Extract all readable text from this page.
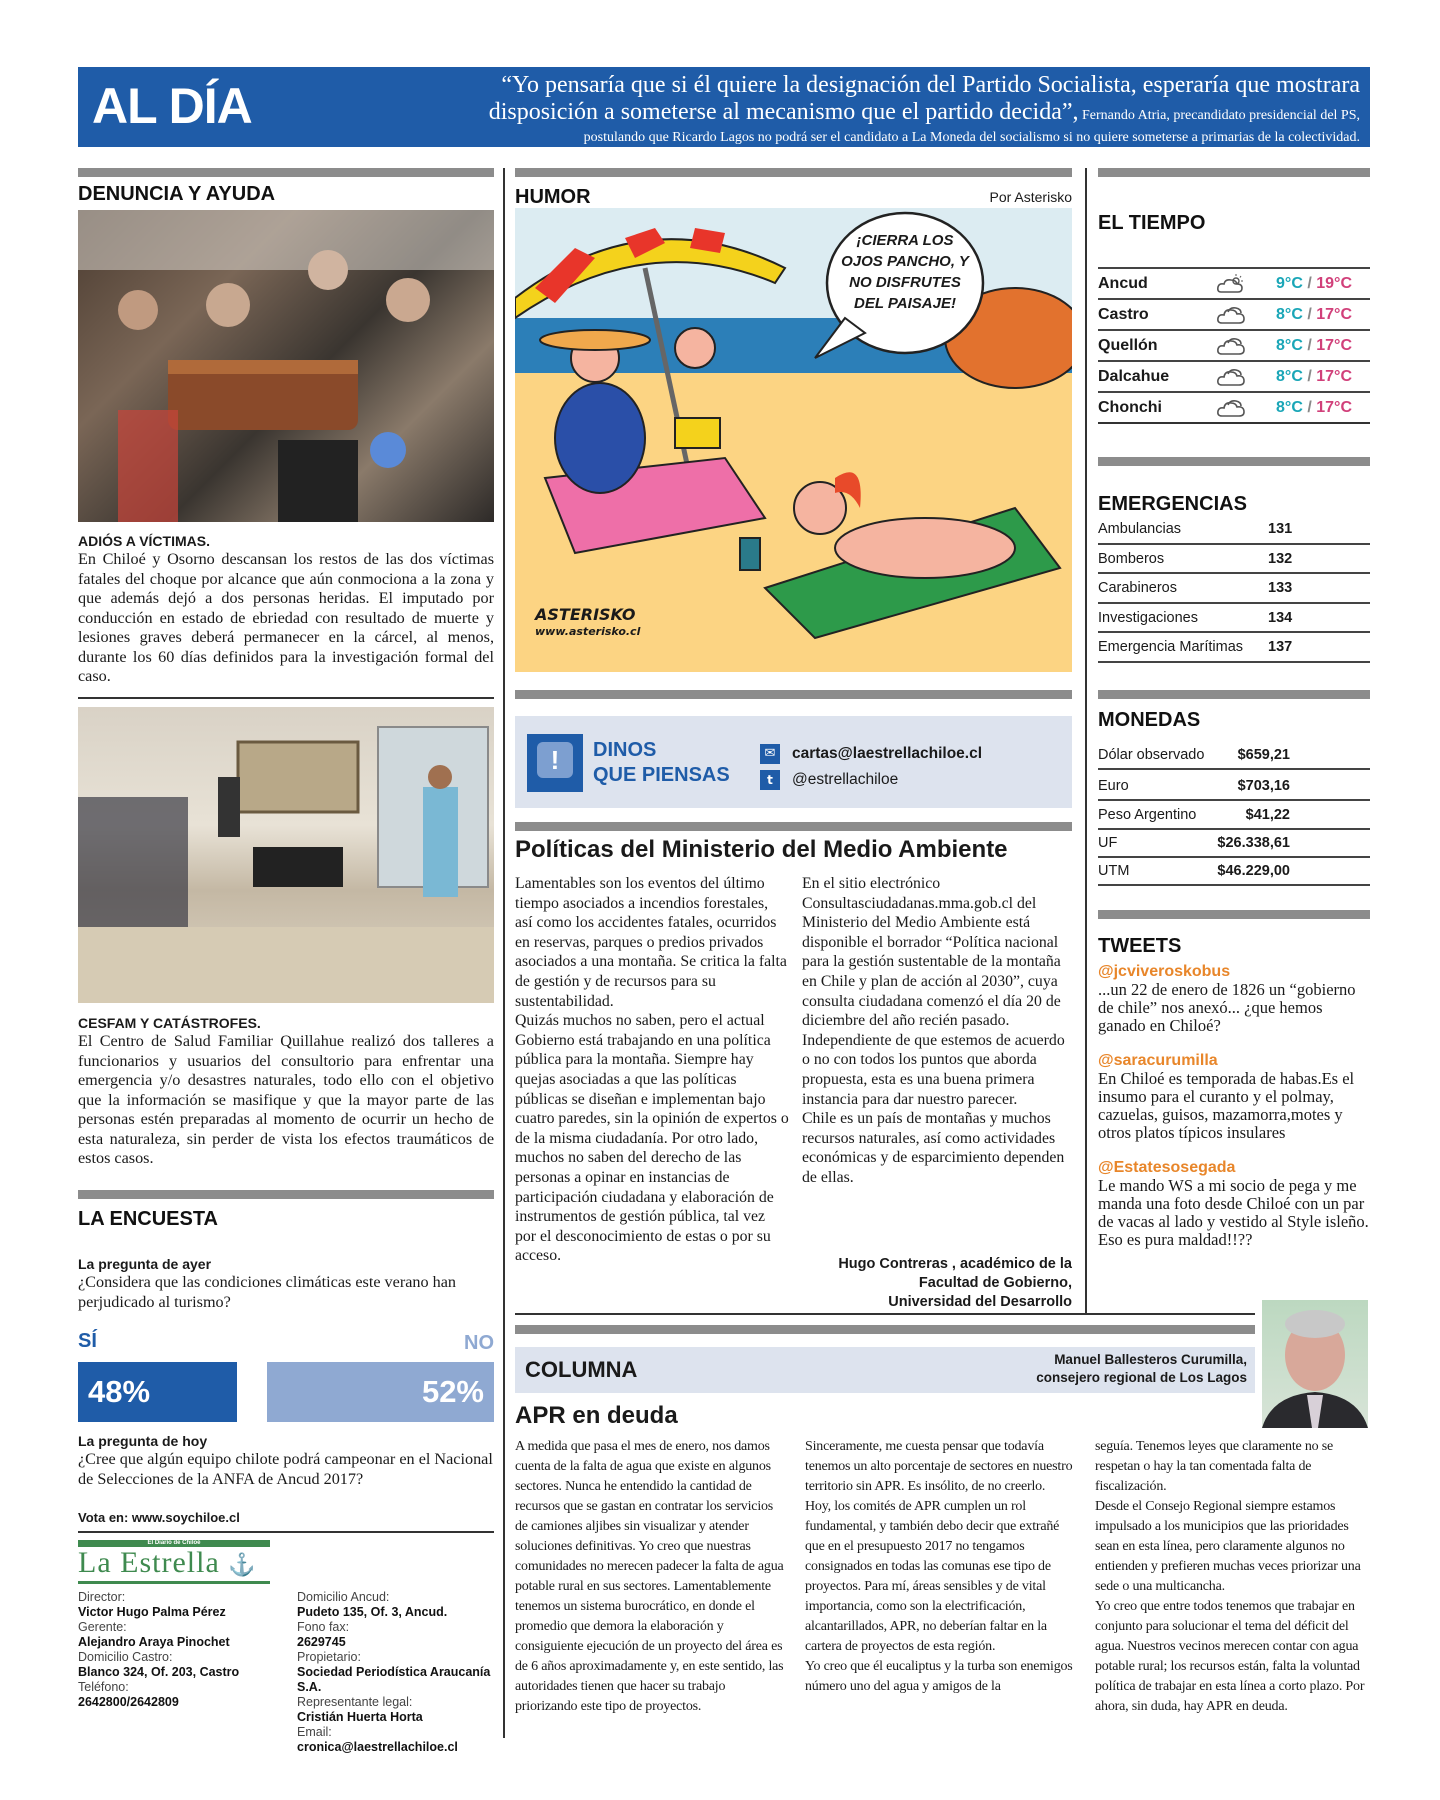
AL DÍA	“Yo pensaría que si él quiere la designación del Partido Socialista, esperaría que mostrara
disposición a someterse al mecanismo que el partido decida”, Fernando Atria, precandidato presidencial del PS,
postulando que Ricardo Lagos no podrá ser el candidato a La Moneda del socialismo si no quiere someterse a primarias de la colectividad.
DENUNCIA Y AYUDA
ADIÓS A VÍCTIMAS.
En Chiloé y Osorno descansan los restos de las dos víctimas fatales del choque por alcance que aún conmociona a la zona y que además dejó a dos personas heridas. El imputado por conducción en estado de ebriedad con resultado de muerte y lesiones graves deberá permanecer en la cárcel, al menos, durante los 60 días definidos para la investigación formal del caso.
CESFAM Y CATÁSTROFES.
El Centro de Salud Familiar Quillahue realizó dos talleres a funcionarios y usuarios del consultorio para enfrentar una emergencia y/o desastres naturales, todo ello con el objetivo que la información se masifique y que la mayor parte de las personas estén preparadas al momento de ocurrir un hecho de esta naturaleza, sin perder de vista los efectos traumáticos de estos casos.
LA ENCUESTA
La pregunta de ayer
¿Considera que las condiciones climáticas este verano han perjudicado al turismo?
SÍ	NO
48%	52%
La pregunta de hoy
¿Cree que algún equipo chilote podrá campeonar en el Nacional de Selecciones de la ANFA de Ancud 2017?
Vota en: www.soychiloe.cl
El Diario de Chiloé
La Estrella ⚓
Director:
Victor Hugo Palma Pérez
Gerente:
Alejandro Araya Pinochet
Domicilio Castro:
Blanco 324, Of. 203, Castro
Teléfono:
2642800/2642809
Domicilio Ancud:
Pudeto 135, Of. 3, Ancud.
Fono fax:
2629745
Propietario:
Sociedad Periodística Araucanía S.A.
Representante legal:
Cristián Huerta Horta
Email:
cronica@laestrellachiloe.cl
HUMOR	Por Asterisko
¡CIERRA LOS OJOS PANCHO, Y NO DISFRUTES DEL PAISAJE!
ASTERISKO
www.asterisko.cl
!	DINOS
QUE PIENSAS
✉ cartas@laestrellachiloe.cl
t	@estrellachiloe
Políticas del Ministerio del Medio Ambiente
Lamentables son los eventos del último tiempo asociados a incendios forestales, así como los accidentes fatales, ocurridos en reservas, parques o predios privados asociados a una montaña. Se critica la falta de gestión y de recursos para su sustentabilidad.
Quizás muchos no saben, pero el actual Gobierno está trabajando en una política pública para la montaña. Siempre hay quejas asociadas a que las políticas públicas se diseñan e implementan bajo cuatro paredes, sin la opinión de expertos o de la misma ciudadanía. Por otro lado, muchos no saben del derecho de las personas a opinar en instancias de participación ciudadana y elaboración de instrumentos de gestión pública, tal vez por el desconocimiento de estas o por su acceso.
En el sitio electrónico Consultasciudadanas.mma.gob.cl del Ministerio del Medio Ambiente está disponible el borrador “Política nacional para la gestión sustentable de la montaña en Chile y plan de acción al 2030”, cuya consulta ciudadana comenzó el día 20 de diciembre del año recién pasado. Independiente de que estemos de acuerdo o no con todos los puntos que aborda propuesta, esta es una buena primera instancia para dar nuestro parecer.
Chile es un país de montañas y muchos recursos naturales, así como actividades económicas y de esparcimiento dependen de ellas.
Hugo Contreras , académico de la
Facultad de Gobierno,
Universidad del Desarrollo
COLUMNA	Manuel Ballesteros Curumilla,
consejero regional de Los Lagos
APR en deuda
A medida que pasa el mes de enero, nos damos cuenta de la falta de agua que existe en algunos sectores. Nunca he entendido la cantidad de recursos que se gastan en contratar los servicios de camiones aljibes sin visualizar y atender soluciones definitivas. Yo creo que nuestras comunidades no merecen padecer la falta de agua potable rural en sus sectores. Lamentablemente tenemos un sistema burocrático, en donde el promedio que demora la elaboración y consiguiente ejecución de un proyecto del área es de 6 años aproximadamente y, en este sentido, las autoridades tienen que hacer su trabajo priorizando este tipo de proyectos.
Sinceramente, me cuesta pensar que todavía tenemos un alto porcentaje de sectores en nuestro territorio sin APR. Es insólito, de no creerlo.
Hoy, los comités de APR cumplen un rol fundamental, y también debo decir que extrañé que en el presupuesto 2017 no tengamos consignados en todas las comunas ese tipo de proyectos. Para mí, áreas sensibles y de vital importancia, como son la electrificación, alcantarillados, APR, no deberían faltar en la cartera de proyectos de esta región.
Yo creo que él eucaliptus y la turba son enemigos número uno del agua y amigos de la
seguía. Tenemos leyes que claramente no se respetan o hay la tan comentada falta de fiscalización.
Desde el Consejo Regional siempre estamos impulsado a los municipios que las prioridades sean en esta línea, pero claramente algunos no entienden y prefieren muchas veces priorizar una sede o una multicancha.
Yo creo que entre todos tenemos que trabajar en conjunto para solucionar el tema del déficit del agua. Nuestros vecinos merecen contar con agua potable rural; los recursos están, falta la voluntad política de trabajar en esta línea a corto plazo. Por ahora, sin duda, hay APR en deuda.
EL TIEMPO
Ancud	9°C / 19°C
Castro	8°C / 17°C
Quellón	8°C / 17°C
Dalcahue	8°C / 17°C
Chonchi	8°C / 17°C
EMERGENCIAS
Ambulancias	131
Bomberos	132
Carabineros	133
Investigaciones	134
Emergencia Marítimas 137
MONEDAS
Dólar observado $659,21
Euro	$703,16
Peso Argentino	$41,22
UF	$26.338,61
UTM	$46.229,00
TWEETS
@jcviveroskobus
...un 22 de enero de 1826 un “gobierno de chile” nos anexó... ¿que hemos ganado en Chiloé?
@saracurumilla
En Chiloé es temporada de habas.Es el insumo para el curanto y el polmay, cazuelas, guisos, mazamorra,motes y otros platos típicos insulares
@Estatesosegada
Le mando WS a mi socio de pega y me manda una foto desde Chiloé con un par de vacas al lado y vestido al Style isleño. Eso es pura maldad!!??
